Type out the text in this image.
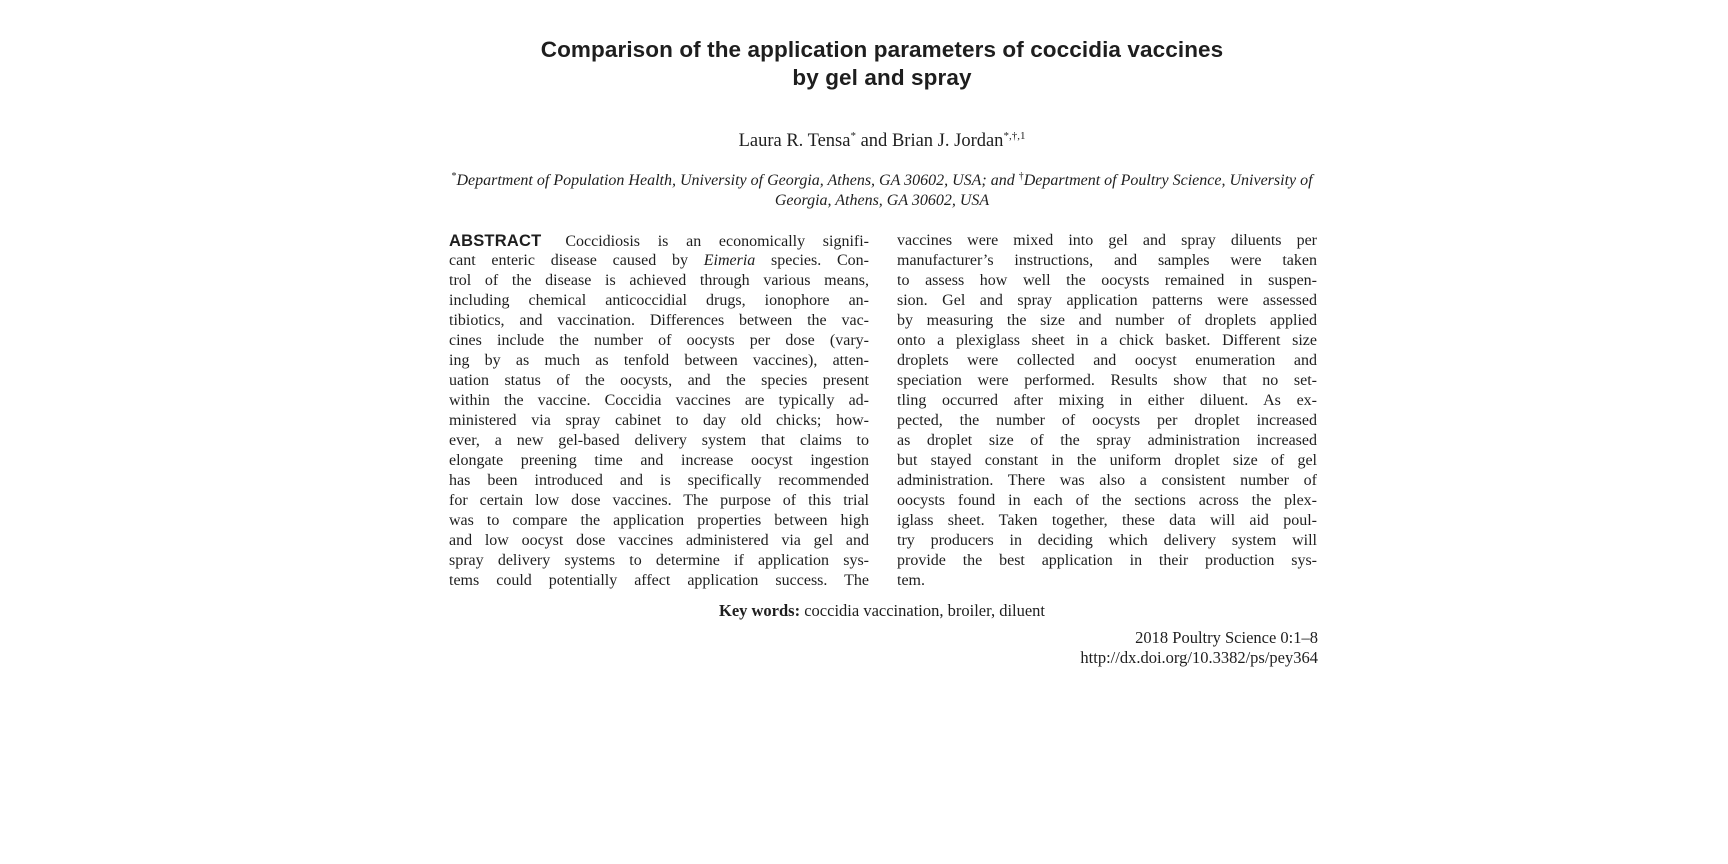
Comparison of the application parameters of coccidia vaccines
by gel and spray
Laura R. Tensa* and Brian J. Jordan$^{*,\dagger,1}$
*Department of Population Health, University of Georgia, Athens, GA 30602, USA; and †Department of Poultry Science, University of Georgia, Athens, GA 30602, USA
ABSTRACT Coccidiosis is an economically signifi-
cant enteric disease caused by Eimeria species. Con-
trol of the disease is achieved through various means,
including chemical anticoccidial drugs, ionophore an-
tibiotics, and vaccination. Differences between the vac-
cines include the number of oocysts per dose (vary-
ing by as much as tenfold between vaccines), atten-
uation status of the oocysts, and the species present
within the vaccine. Coccidia vaccines are typically ad-
ministered via spray cabinet to day old chicks; how-
ever, a new gel-based delivery system that claims to
elongate preening time and increase oocyst ingestion
has been introduced and is specifically recommended
for certain low dose vaccines. The purpose of this trial
was to compare the application properties between high
and low oocyst dose vaccines administered via gel and
spray delivery systems to determine if application sys-
tems could potentially affect application success. The
vaccines were mixed into gel and spray diluents per
manufacturer’s instructions, and samples were taken
to assess how well the oocysts remained in suspen-
sion. Gel and spray application patterns were assessed
by measuring the size and number of droplets applied
onto a plexiglass sheet in a chick basket. Different size
droplets were collected and oocyst enumeration and
speciation were performed. Results show that no set-
tling occurred after mixing in either diluent. As ex-
pected, the number of oocysts per droplet increased
as droplet size of the spray administration increased
but stayed constant in the uniform droplet size of gel
administration. There was also a consistent number of
oocysts found in each of the sections across the plex-
iglass sheet. Taken together, these data will aid poul-
try producers in deciding which delivery system will
provide the best application in their production sys-
tem.
Key words: coccidia vaccination, broiler, diluent
2018 Poultry Science 0:1–8
http://dx.doi.org/10.3382/ps/pey364
